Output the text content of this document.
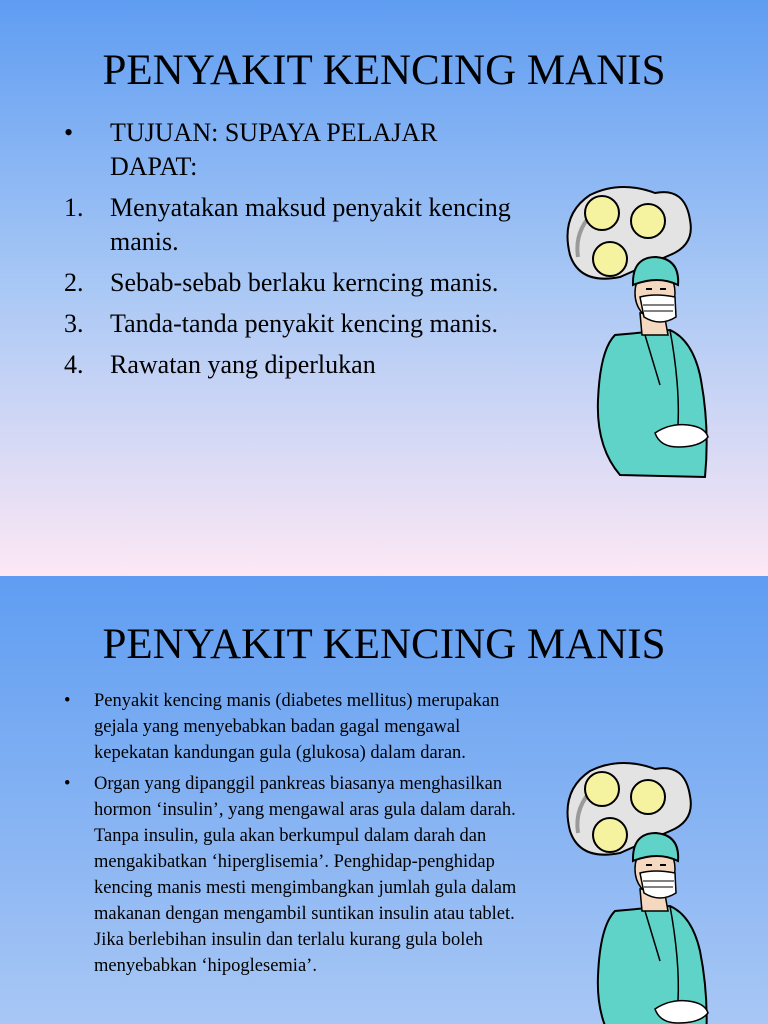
PENYAKIT KENCING MANIS
• TUJUAN: SUPAYA PELAJAR DAPAT:
1. Menyatakan maksud penyakit kencing manis.
2. Sebab-sebab berlaku kerncing manis.
3. Tanda-tanda penyakit kencing manis.
4. Rawatan yang diperlukan
PENYAKIT KENCING MANIS
• Penyakit kencing manis (diabetes mellitus) merupakan gejala yang menyebabkan badan gagal mengawal kepekatan kandungan gula (glukosa) dalam daran.
• Organ yang dipanggil pankreas biasanya menghasilkan hormon ‘insulin’, yang mengawal aras gula dalam darah. Tanpa insulin, gula akan berkumpul dalam darah dan mengakibatkan ‘hiperglisemia’. Penghidap-penghidap kencing manis mesti mengimbangkan jumlah gula dalam makanan dengan mengambil suntikan insulin atau tablet. Jika berlebihan insulin dan terlalu kurang gula boleh menyebabkan ‘hipoglesemia’.
